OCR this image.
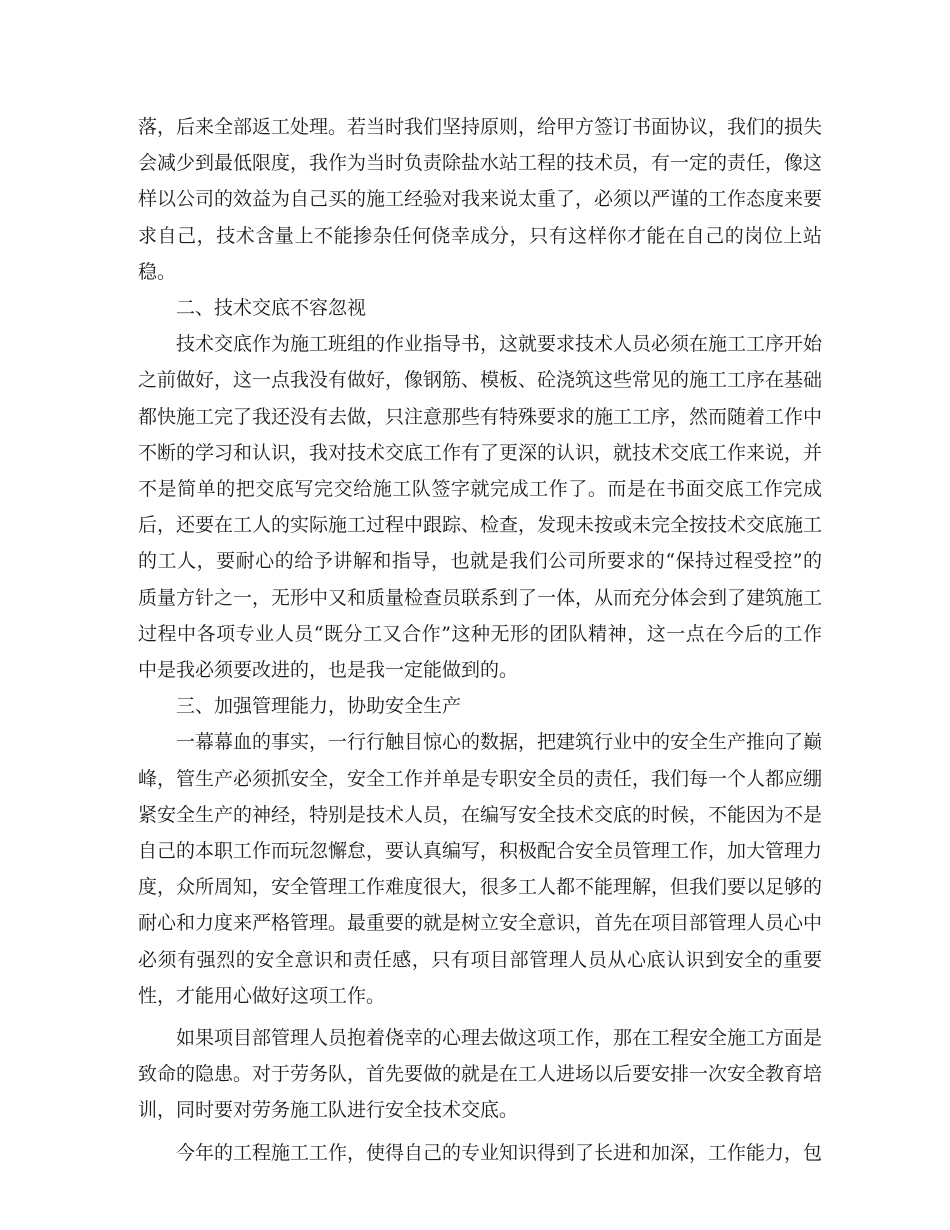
落，后来全部返工处理。若当时我们坚持原则，给甲方签订书面协议，我们的损失会减少到最低限度，我作为当时负责除盐水站工程的技术员，有一定的责任，像这样以公司的效益为自己买的施工经验对我来说太重了，必须以严谨的工作态度来要求自己，技术含量上不能掺杂任何侥幸成分，只有这样你才能在自己的岗位上站稳。

二、技术交底不容忽视

技术交底作为施工班组的作业指导书，这就要求技术人员必须在施工工序开始之前做好，这一点我没有做好，像钢筋、模板、砼浇筑这些常见的施工工序在基础都快施工完了我还没有去做，只注意那些有特殊要求的施工工序，然而随着工作中不断的学习和认识，我对技术交底工作有了更深的认识，就技术交底工作来说，并不是简单的把交底写完交给施工队签字就完成工作了。而是在书面交底工作完成后，还要在工人的实际施工过程中跟踪、检查，发现未按或未完全按技术交底施工的工人，要耐心的给予讲解和指导，也就是我们公司所要求的“保持过程受控”的质量方针之一，无形中又和质量检查员联系到了一体，从而充分体会到了建筑施工过程中各项专业人员“既分工又合作”这种无形的团队精神，这一点在今后的工作中是我必须要改进的，也是我一定能做到的。

三、加强管理能力，协助安全生产

一幕幕血的事实，一行行触目惊心的数据，把建筑行业中的安全生产推向了巅峰，管生产必须抓安全，安全工作并单是专职安全员的责任，我们每一个人都应绷紧安全生产的神经，特别是技术人员，在编写安全技术交底的时候，不能因为不是自己的本职工作而玩忽懈怠，要认真编写，积极配合安全员管理工作，加大管理力度，众所周知，安全管理工作难度很大，很多工人都不能理解，但我们要以足够的耐心和力度来严格管理。最重要的就是树立安全意识，首先在项目部管理人员心中必须有强烈的安全意识和责任感，只有项目部管理人员从心底认识到安全的重要性，才能用心做好这项工作。

如果项目部管理人员抱着侥幸的心理去做这项工作，那在工程安全施工方面是致命的隐患。对于劳务队，首先要做的就是在工人进场以后要安排一次安全教育培训，同时要对劳务施工队进行安全技术交底。

今年的工程施工工作，使得自己的专业知识得到了长进和加深，工作能力，包
